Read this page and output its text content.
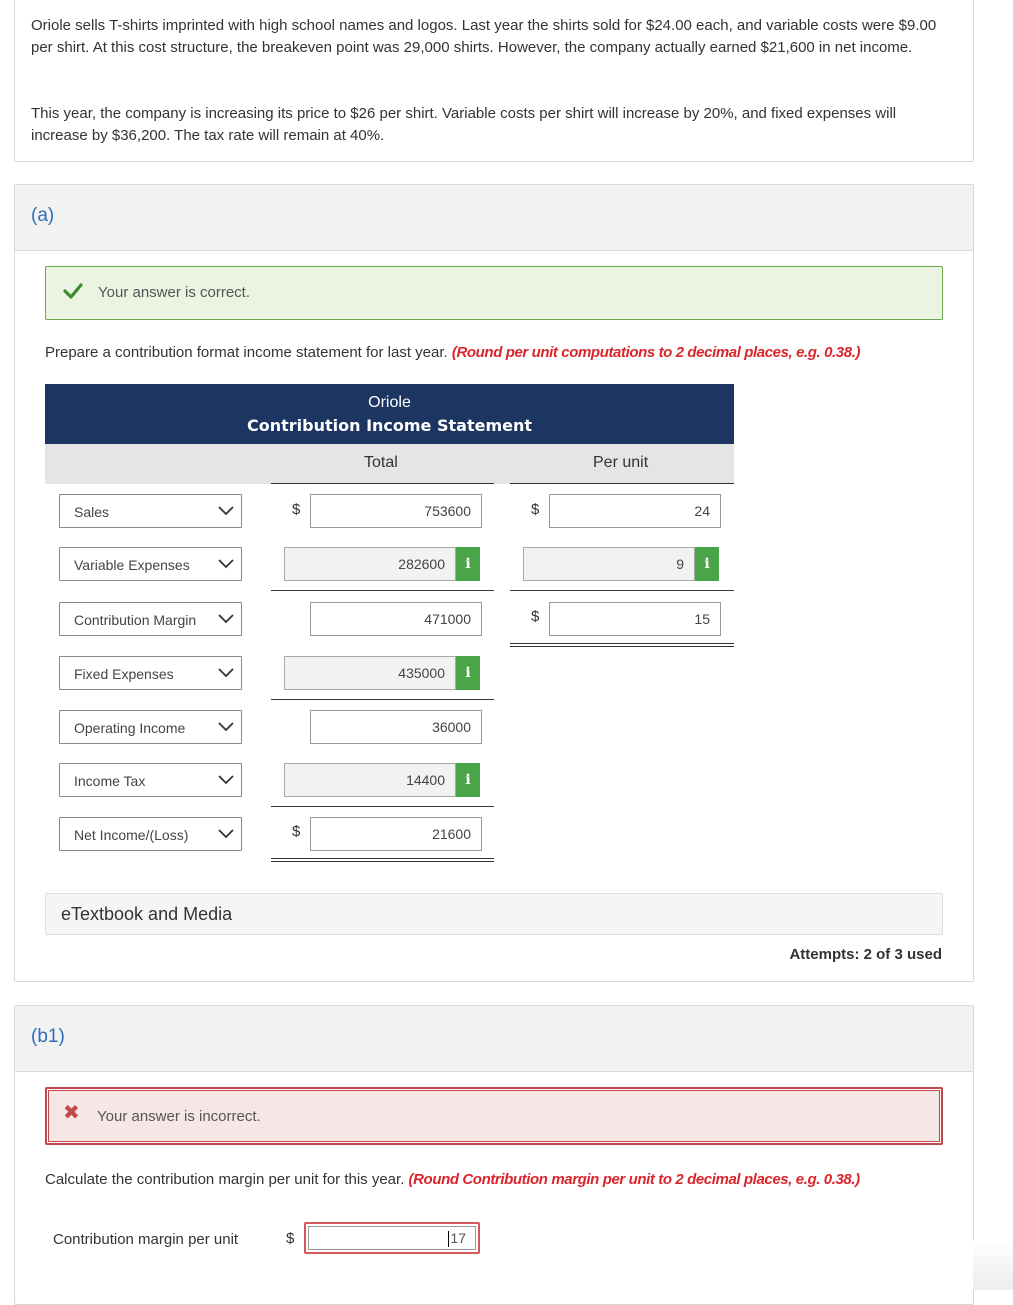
Oriole sells T-shirts imprinted with high school names and logos. Last year the shirts sold for $24.00 each, and variable costs were $9.00 per shirt. At this cost structure, the breakeven point was 29,000 shirts. However, the company actually earned $21,600 in net income.

This year, the company is increasing its price to $26 per shirt. Variable costs per shirt will increase by 20%, and fixed expenses will increase by $36,200. The tax rate will remain at 40%.

(a)
Your answer is correct.
Prepare a contribution format income statement for last year. (Round per unit computations to 2 decimal places, e.g. 0.38.)
Oriole
Contribution Income Statement
Total	Per unit
Sales	$	753600	$	24
Variable Expenses	282600	i	9	i
Contribution Margin	471000	$	15
Fixed Expenses	435000	i
Operating Income	36000
Income Tax	14400	i
Net Income/(Loss)	$	21600
eTextbook and Media
Attempts: 2 of 3 used
(b1)
✖ Your answer is incorrect.
Calculate the contribution margin per unit for this year. (Round Contribution margin per unit to 2 decimal places, e.g. 0.38.)
Contribution margin per unit	$	17
